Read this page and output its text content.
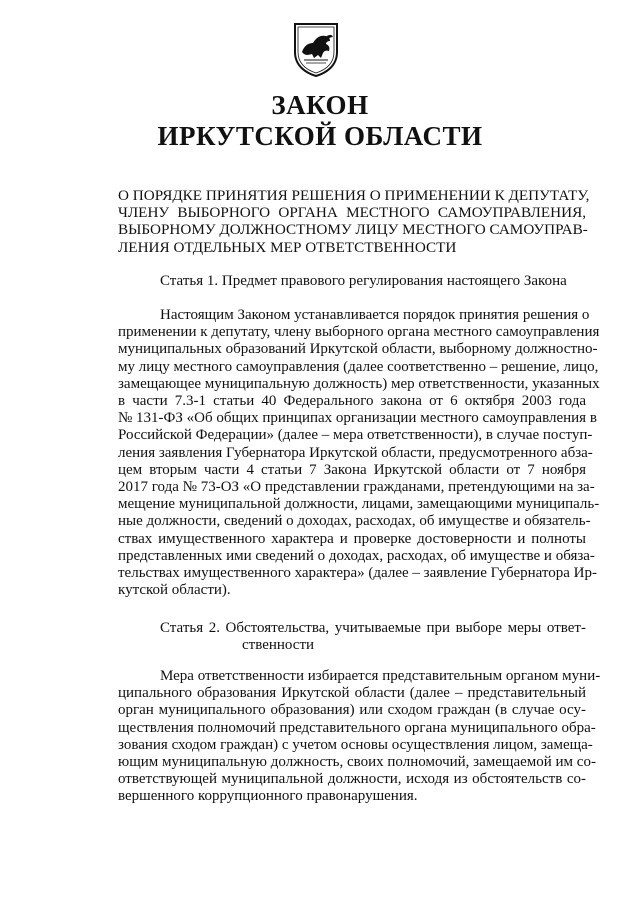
ЗАКОН
ИРКУТСКОЙ ОБЛАСТИ
О ПОРЯДКЕ ПРИНЯТИЯ РЕШЕНИЯ О ПРИМЕНЕНИИ К ДЕПУТАТУ,
ЧЛЕНУ ВЫБОРНОГО ОРГАНА МЕСТНОГО САМОУПРАВЛЕНИЯ,
ВЫБОРНОМУ ДОЛЖНОСТНОМУ ЛИЦУ МЕСТНОГО САМОУПРАВ-
ЛЕНИЯ ОТДЕЛЬНЫХ МЕР ОТВЕТСТВЕННОСТИ
Статья 1. Предмет правового регулирования настоящего Закона
Настоящим Законом устанавливается порядок принятия решения о
применении к депутату, члену выборного органа местного самоуправления
муниципальных образований Иркутской области, выборному должностно-
му лицу местного самоуправления (далее соответственно – решение, лицо,
замещающее муниципальную должность) мер ответственности, указанных
в части 7.3-1 статьи 40 Федерального закона от 6 октября 2003 года
№ 131-ФЗ «Об общих принципах организации местного самоуправления в
Российской Федерации» (далее – мера ответственности), в случае поступ-
ления заявления Губернатора Иркутской области, предусмотренного абза-
цем вторым части 4 статьи 7 Закона Иркутской области от 7 ноября
2017 года № 73-ОЗ «О представлении гражданами, претендующими на за-
мещение муниципальной должности, лицами, замещающими муниципаль-
ные должности, сведений о доходах, расходах, об имуществе и обязатель-
ствах имущественного характера и проверке достоверности и полноты
представленных ими сведений о доходах, расходах, об имуществе и обяза-
тельствах имущественного характера» (далее – заявление Губернатора Ир-
кутской области).
Статья 2. Обстоятельства, учитываемые при выборе меры ответ-
ственности
Мера ответственности избирается представительным органом муни-
ципального образования Иркутской области (далее – представительный
орган муниципального образования) или сходом граждан (в случае осу-
ществления полномочий представительного органа муниципального обра-
зования сходом граждан) с учетом основы осуществления лицом, замеща-
ющим муниципальную должность, своих полномочий, замещаемой им со-
ответствующей муниципальной должности, исходя из обстоятельств со-
вершенного коррупционного правонарушения.
